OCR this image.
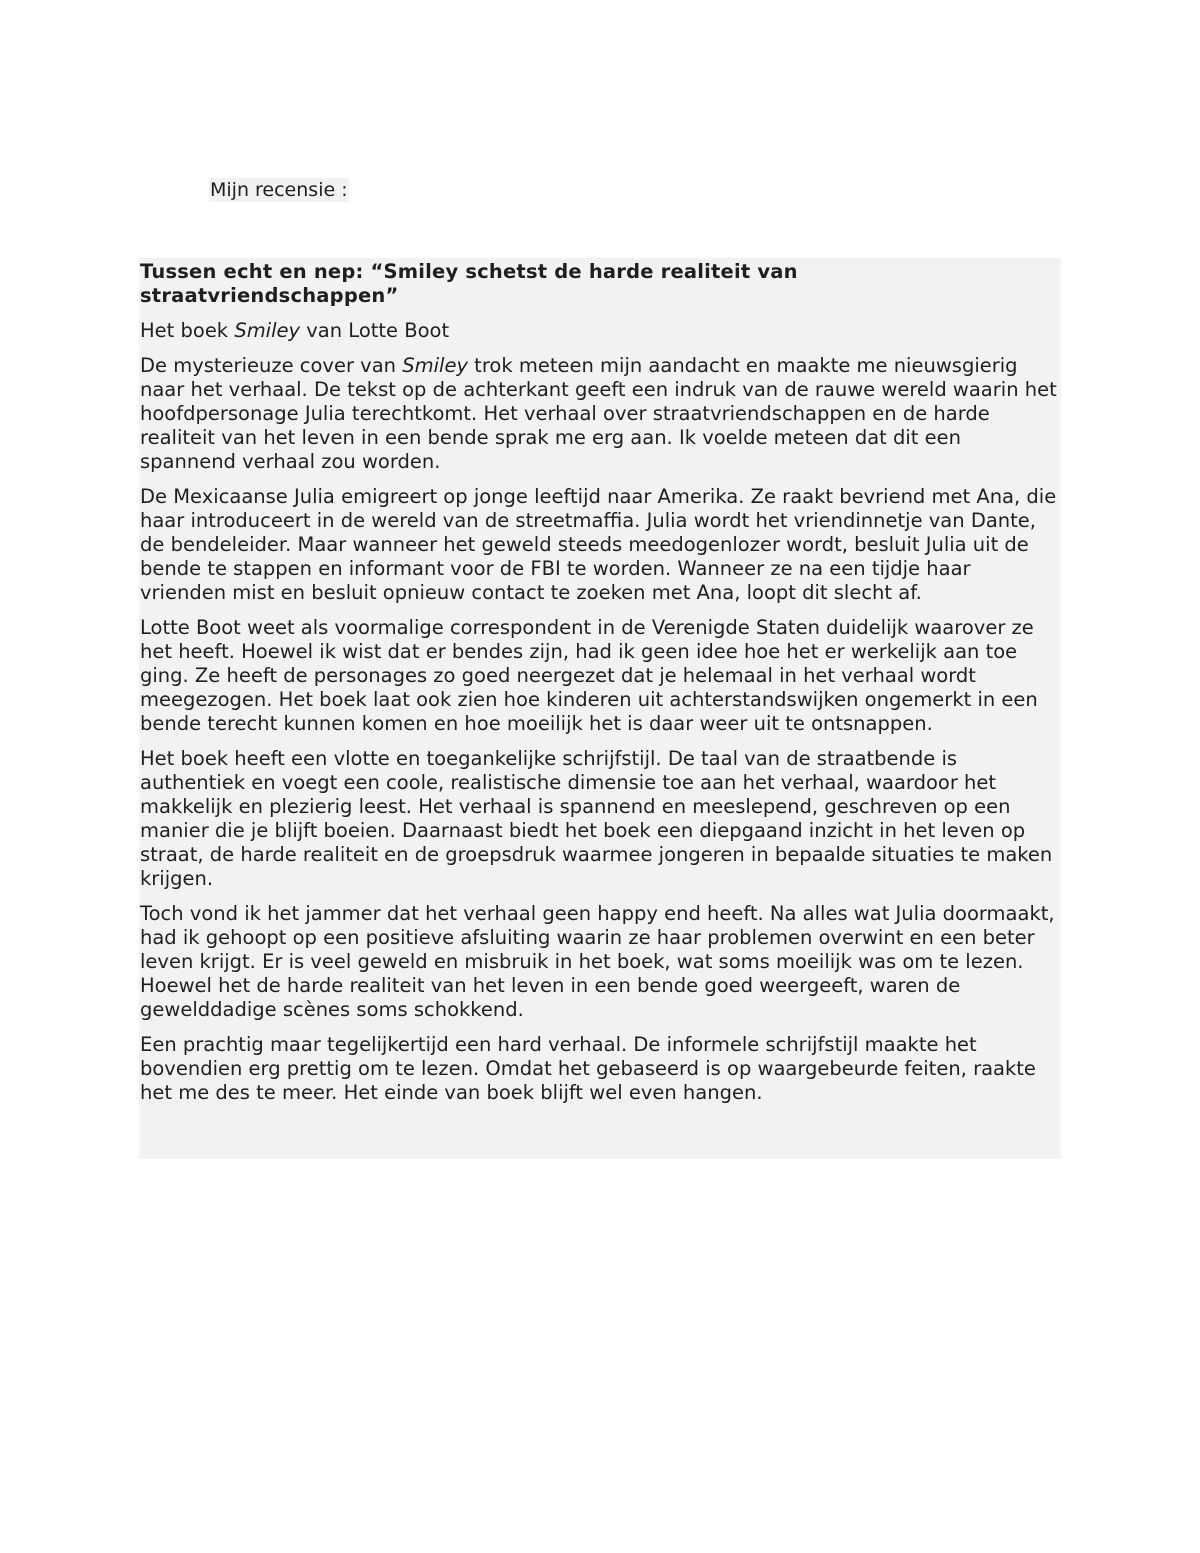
Mijn recensie :
Tussen echt en nep: “Smiley schetst de harde realiteit van straatvriendschappen”

Het boek Smiley van Lotte Boot

De mysterieuze cover van Smiley trok meteen mijn aandacht en maakte me nieuwsgierig naar het verhaal. De tekst op de achterkant geeft een indruk van de rauwe wereld waarin het hoofdpersonage Julia terechtkomt. Het verhaal over straatvriendschappen en de harde realiteit van het leven in een bende sprak me erg aan. Ik voelde meteen dat dit een spannend verhaal zou worden.

De Mexicaanse Julia emigreert op jonge leeftijd naar Amerika. Ze raakt bevriend met Ana, die haar introduceert in de wereld van de streetmaffia. Julia wordt het vriendinnetje van Dante, de bendeleider. Maar wanneer het geweld steeds meedogenlozer wordt, besluit Julia uit de bende te stappen en informant voor de FBI te worden. Wanneer ze na een tijdje haar vrienden mist en besluit opnieuw contact te zoeken met Ana, loopt dit slecht af.

Lotte Boot weet als voormalige correspondent in de Verenigde Staten duidelijk waarover ze het heeft. Hoewel ik wist dat er bendes zijn, had ik geen idee hoe het er werkelijk aan toe ging. Ze heeft de personages zo goed neergezet dat je helemaal in het verhaal wordt meegezogen. Het boek laat ook zien hoe kinderen uit achterstandswijken ongemerkt in een bende terecht kunnen komen en hoe moeilijk het is daar weer uit te ontsnappen.

Het boek heeft een vlotte en toegankelijke schrijfstijl. De taal van de straatbende is authentiek en voegt een coole, realistische dimensie toe aan het verhaal, waardoor het makkelijk en plezierig leest. Het verhaal is spannend en meeslepend, geschreven op een manier die je blijft boeien. Daarnaast biedt het boek een diepgaand inzicht in het leven op straat, de harde realiteit en de groepsdruk waarmee jongeren in bepaalde situaties te maken krijgen.

Toch vond ik het jammer dat het verhaal geen happy end heeft. Na alles wat Julia doormaakt, had ik gehoopt op een positieve afsluiting waarin ze haar problemen overwint en een beter leven krijgt. Er is veel geweld en misbruik in het boek, wat soms moeilijk was om te lezen. Hoewel het de harde realiteit van het leven in een bende goed weergeeft, waren de gewelddadige scènes soms schokkend.

Een prachtig maar tegelijkertijd een hard verhaal. De informele schrijfstijl maakte het bovendien erg prettig om te lezen. Omdat het gebaseerd is op waargebeurde feiten, raakte het me des te meer. Het einde van boek blijft wel even hangen.
